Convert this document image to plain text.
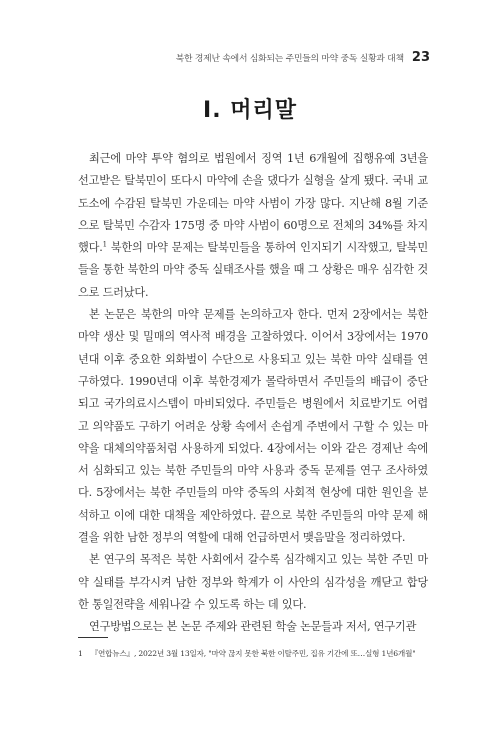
북한 경제난 속에서 심화되는 주민들의 마약 중독 실황과 대책 23
Ⅰ. 머리말

최근에 마약 투약 혐의로 법원에서 징역 1년 6개월에 집행유예 3년을 선고받은 탈북민이 또다시 마약에 손을 댔다가 실형을 살게 됐다. 국내 교도소에 수감된 탈북민 가운데는 마약 사범이 가장 많다. 지난해 8월 기준으로 탈북민 수감자 175명 중 마약 사범이 60명으로 전체의 34%를 차지했다.$^1$ 북한의 마약 문제는 탈북민들을 통하여 인지되기 시작했고, 탈북민들을 통한 북한의 마약 중독 실태조사를 했을 때 그 상황은 매우 심각한 것으로 드러났다.

본 논문은 북한의 마약 문제를 논의하고자 한다. 먼저 2장에서는 북한 마약 생산 및 밀매의 역사적 배경을 고찰하였다. 이어서 3장에서는 1970년대 이후 중요한 외화벌이 수단으로 사용되고 있는 북한 마약 실태를 연구하였다. 1990년대 이후 북한경제가 몰락하면서 주민들의 배급이 중단되고 국가의료시스템이 마비되었다. 주민들은 병원에서 치료받기도 어렵고 의약품도 구하기 어려운 상황 속에서 손쉽게 주변에서 구할 수 있는 마약을 대체의약품처럼 사용하게 되었다. 4장에서는 이와 같은 경제난 속에서 심화되고 있는 북한 주민들의 마약 사용과 중독 문제를 연구 조사하였다. 5장에서는 북한 주민들의 마약 중독의 사회적 현상에 대한 원인을 분석하고 이에 대한 대책을 제안하였다. 끝으로 북한 주민들의 마약 문제 해결을 위한 남한 정부의 역할에 대해 언급하면서 맺음말을 정리하였다.

본 연구의 목적은 북한 사회에서 갈수록 심각해지고 있는 북한 주민 마약 실태를 부각시켜 남한 정부와 학계가 이 사안의 심각성을 깨닫고 합당한 통일전략을 세워나갈 수 있도록 하는 데 있다.

연구방법으로는 본 논문 주제와 관련된 학술 논문들과 저서, 연구기관

1 『연합뉴스』, 2022년 3월 13일자, "마약 끊지 못한 북한 이탈주민, 집유 기간에 또…실형 1년6개월"
